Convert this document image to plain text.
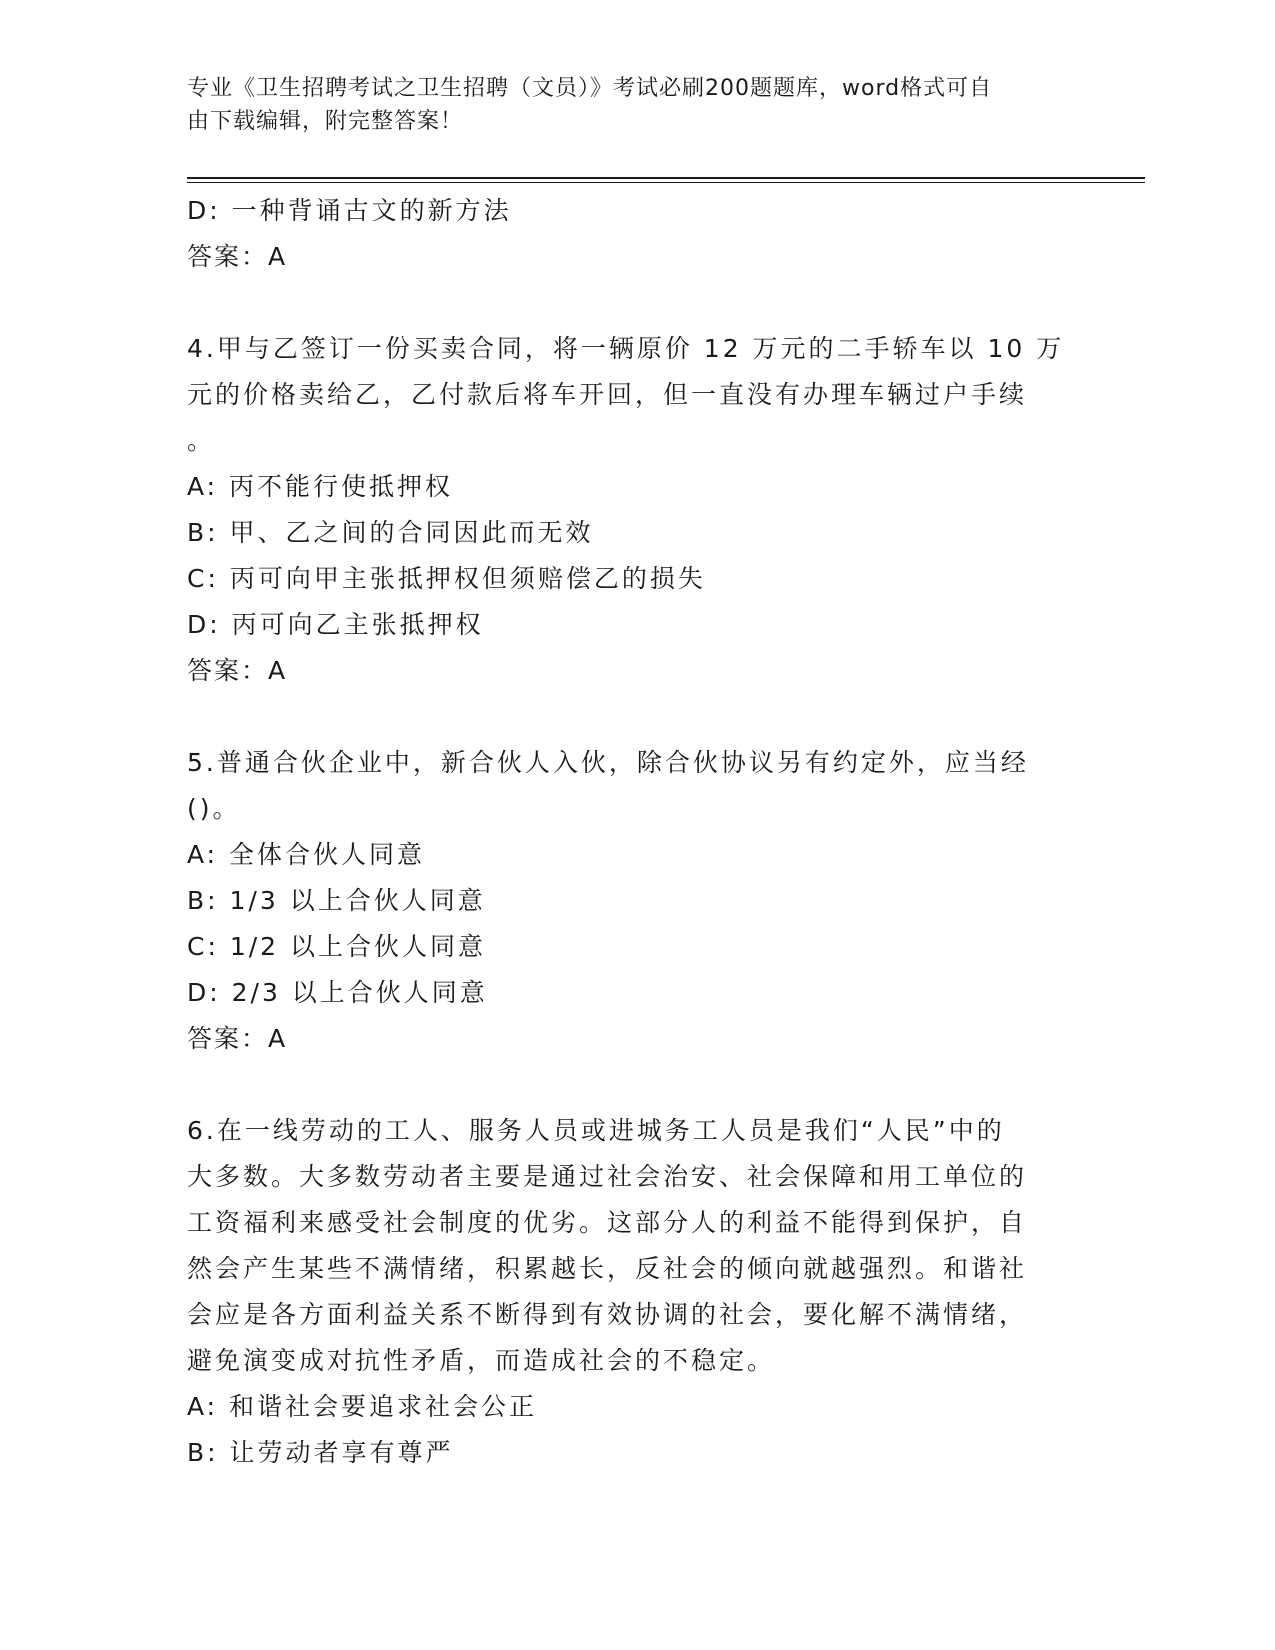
专业《卫生招聘考试之卫生招聘（文员）》考试必刷200题题库，word格式可自
由下载编辑，附完整答案！
D: 一种背诵古文的新方法
答案：A
4.甲与乙签订一份买卖合同，将一辆原价 12 万元的二手轿车以 10 万
元的价格卖给乙，乙付款后将车开回，但一直没有办理车辆过户手续
。
A: 丙不能行使抵押权
B: 甲、乙之间的合同因此而无效
C: 丙可向甲主张抵押权但须赔偿乙的损失
D: 丙可向乙主张抵押权
答案：A
5.普通合伙企业中，新合伙人入伙，除合伙协议另有约定外，应当经
()。
A: 全体合伙人同意
B: 1/3 以上合伙人同意
C: 1/2 以上合伙人同意
D: 2/3 以上合伙人同意
答案：A
6.在一线劳动的工人、服务人员或进城务工人员是我们“人民”中的
大多数。大多数劳动者主要是通过社会治安、社会保障和用工单位的
工资福利来感受社会制度的优劣。这部分人的利益不能得到保护，自
然会产生某些不满情绪，积累越长，反社会的倾向就越强烈。和谐社
会应是各方面利益关系不断得到有效协调的社会，要化解不满情绪，
避免演变成对抗性矛盾，而造成社会的不稳定。
A: 和谐社会要追求社会公正
B: 让劳动者享有尊严
